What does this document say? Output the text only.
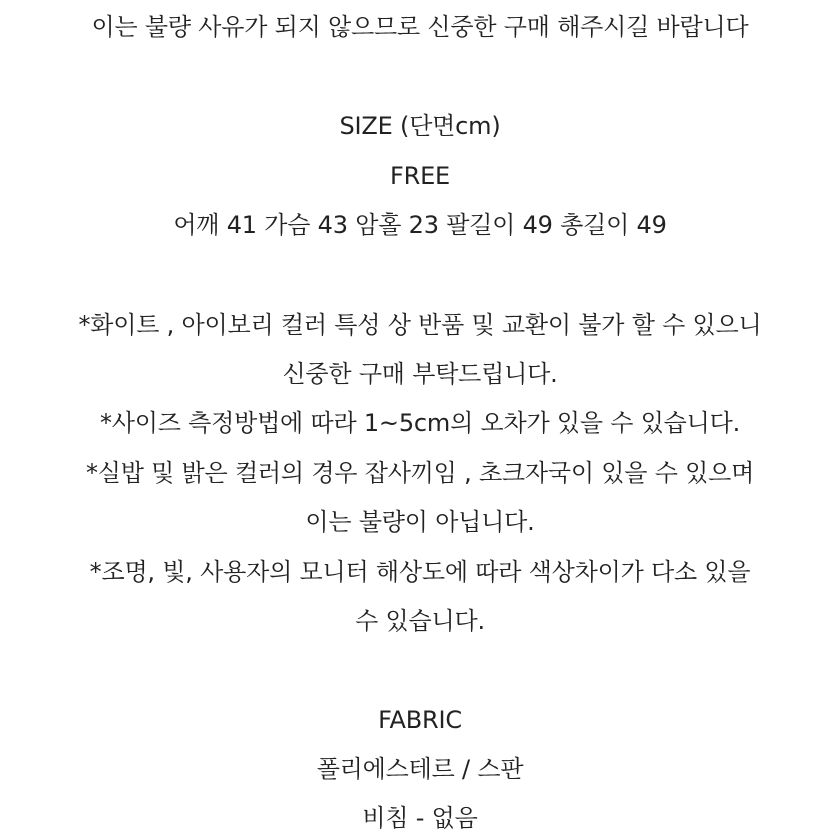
이는 불량 사유가 되지 않으므로 신중한 구매 해주시길 바랍니다
SIZE (단면cm)
FREE
어깨 41 가슴 43 암홀 23 팔길이 49 총길이 49
*화이트 , 아이보리 컬러 특성 상 반품 및 교환이 불가 할 수 있으니
신중한 구매 부탁드립니다.
*사이즈 측정방법에 따라 1~5cm의 오차가 있을 수 있습니다.
*실밥 및 밝은 컬러의 경우 잡사끼임 , 초크자국이 있을 수 있으며
이는 불량이 아닙니다.
*조명, 빛, 사용자의 모니터 해상도에 따라 색상차이가 다소 있을
수 있습니다.
FABRIC
폴리에스테르 / 스판
비침 - 없음
